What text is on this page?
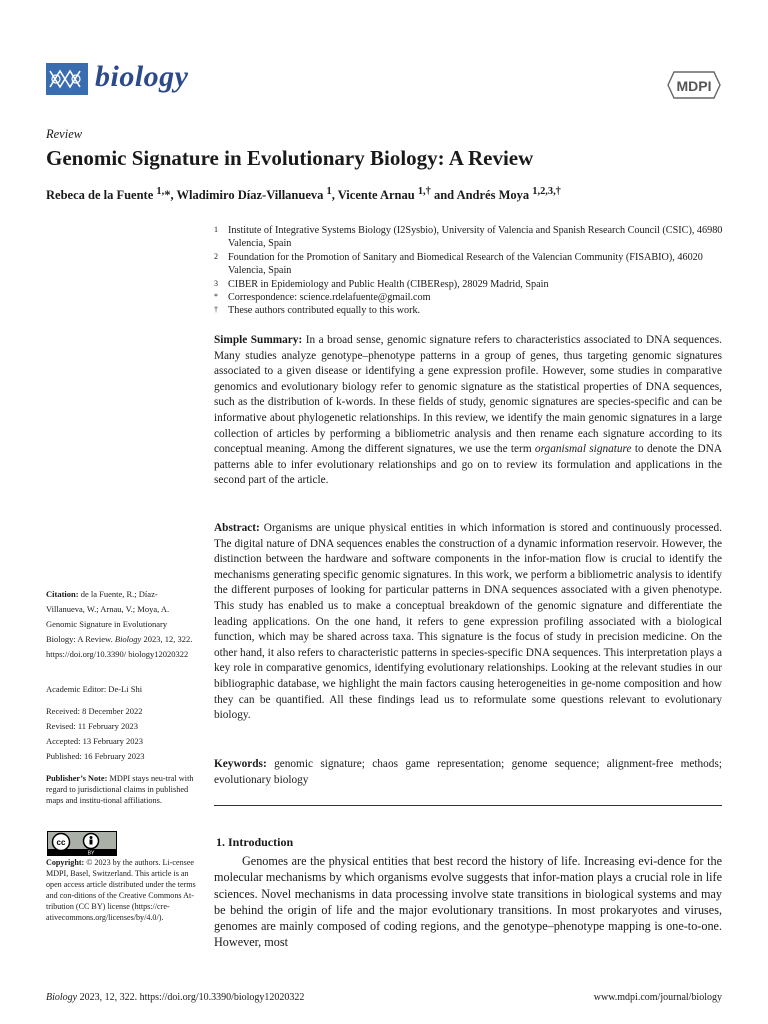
biology	MDPI
Review
Genomic Signature in Evolutionary Biology: A Review
Rebeca de la Fuente $^{1,}$*, Wladimiro Díaz-Villanueva $^1$, Vicente Arnau $^{1,\dagger}$ and Andrés Moya $^{1,2,3,\dagger}$
1 Institute of Integrative Systems Biology (I2Sysbio), University of Valencia and Spanish Research Council (CSIC), 46980 Valencia, Spain
2 Foundation for the Promotion of Sanitary and Biomedical Research of the Valencian Community (FISABIO), 46020 Valencia, Spain
3 CIBER in Epidemiology and Public Health (CIBEResp), 28029 Madrid, Spain
* Correspondence: science.rdelafuente@gmail.com
† These authors contributed equally to this work.
Simple Summary: In a broad sense, genomic signature refers to characteristics associated to DNA sequences. Many studies analyze genotype–phenotype patterns in a group of genes, thus targeting genomic signatures associated to a given disease or identifying a gene expression profile. However, some studies in comparative genomics and evolutionary biology refer to genomic signature as the statistical properties of DNA sequences, such as the distribution of k-words. In these fields of study, genomic signatures are species-specific and can be informative about phylogenetic relationships. In this review, we identify the main genomic signatures in a large collection of articles by performing a bibliometric analysis and then rename each signature according to its conceptual meaning. Among the different signatures, we use the term organismal signature to denote the DNA patterns able to infer evolutionary relationships and go on to review its formulation and applications in the second part of the article.
Abstract: Organisms are unique physical entities in which information is stored and continuously processed. The digital nature of DNA sequences enables the construction of a dynamic information reservoir. However, the distinction between the hardware and software components in the infor-mation flow is crucial to identify the mechanisms generating specific genomic signatures. In this work, we perform a bibliometric analysis to identify the different purposes of looking for particular patterns in DNA sequences associated with a given phenotype. This study has enabled us to make a conceptual breakdown of the genomic signature and differentiate the leading applications. On the one hand, it refers to gene expression profiling associated with a biological function, which may be shared across taxa. This signature is the focus of study in precision medicine. On the other hand, it also refers to characteristic patterns in species-specific DNA sequences. This interpretation plays a key role in comparative genomics, identifying evolutionary relationships. Looking at the relevant studies in our bibliographic database, we highlight the main factors causing heterogeneities in ge-nome composition and how they can be quantified. All these findings lead us to reformulate some questions relevant to evolutionary biology.
Keywords: genomic signature; chaos game representation; genome sequence; alignment-free methods; evolutionary biology
1. Introduction
Genomes are the physical entities that best record the history of life. Increasing evi-dence for the molecular mechanisms by which organisms evolve suggests that infor-mation plays a crucial role in life sciences. Novel mechanisms in data processing involve state transitions in biological systems and may be behind the origin of life and the major evolutionary transitions. In most prokaryotes and viruses, genomes are mainly composed of coding regions, and the genotype–phenotype mapping is one-to-one. However, most
Citation: de la Fuente, R.; Díaz-Villanueva, W.; Arnau, V.; Moya, A. Genomic Signature in Evolutionary Biology: A Review. Biology 2023, 12, 322. https://doi.org/10.3390/ biology12020322
Academic Editor: De-Li Shi
Received: 8 December 2022
Revised: 11 February 2023
Accepted: 13 February 2023
Published: 16 February 2023
Publisher’s Note: MDPI stays neu-tral with regard to jurisdictional claims in published maps and institu-tional affiliations.
cc
BY
Copyright: © 2023 by the authors. Li-censee MDPI, Basel, Switzerland. This article is an open access article distributed under the terms and con-ditions of the Creative Commons At-tribution (CC BY) license (https://cre-ativecommons.org/licenses/by/4.0/).
Biology 2023, 12, 322. https://doi.org/10.3390/biology12020322	www.mdpi.com/journal/biology
